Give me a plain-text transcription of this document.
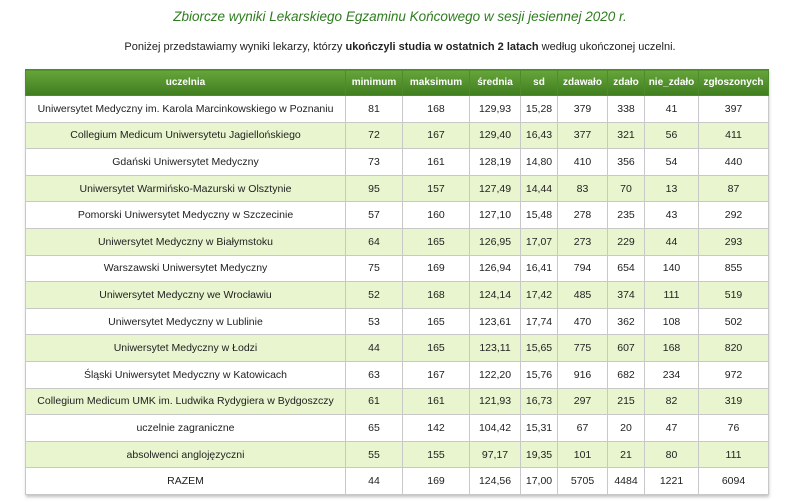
Zbiorcze wyniki Lekarskiego Egzaminu Końcowego w sesji jesiennej 2020 r.
Poniżej przedstawiamy wyniki lekarzy, którzy ukończyli studia w ostatnich 2 latach według ukończonej uczelni.
uczelnia	minimum	maksimum	średnia	sd	zdawało	zdało	nie_zdało	zgłoszonych
Uniwersytet Medyczny im. Karola Marcinkowskiego w Poznaniu	81	168	129,93	15,28	379	338	41	397
Collegium Medicum Uniwersytetu Jagiellońskiego	72	167	129,40	16,43	377	321	56	411
Gdański Uniwersytet Medyczny	73	161	128,19	14,80	410	356	54	440
Uniwersytet Warmińsko-Mazurski w Olsztynie	95	157	127,49	14,44	83	70	13	87
Pomorski Uniwersytet Medyczny w Szczecinie	57	160	127,10	15,48	278	235	43	292
Uniwersytet Medyczny w Białymstoku	64	165	126,95	17,07	273	229	44	293
Warszawski Uniwersytet Medyczny	75	169	126,94	16,41	794	654	140	855
Uniwersytet Medyczny we Wrocławiu	52	168	124,14	17,42	485	374	111	519
Uniwersytet Medyczny w Lublinie	53	165	123,61	17,74	470	362	108	502
Uniwersytet Medyczny w Łodzi	44	165	123,11	15,65	775	607	168	820
Śląski Uniwersytet Medyczny w Katowicach	63	167	122,20	15,76	916	682	234	972
Collegium Medicum UMK im. Ludwika Rydygiera w Bydgoszczy	61	161	121,93	16,73	297	215	82	319
uczelnie zagraniczne	65	142	104,42	15,31	67	20	47	76
absolwenci anglojęzyczni	55	155	97,17	19,35	101	21	80	111
RAZEM	44	169	124,56	17,00	5705	4484	1221	6094
